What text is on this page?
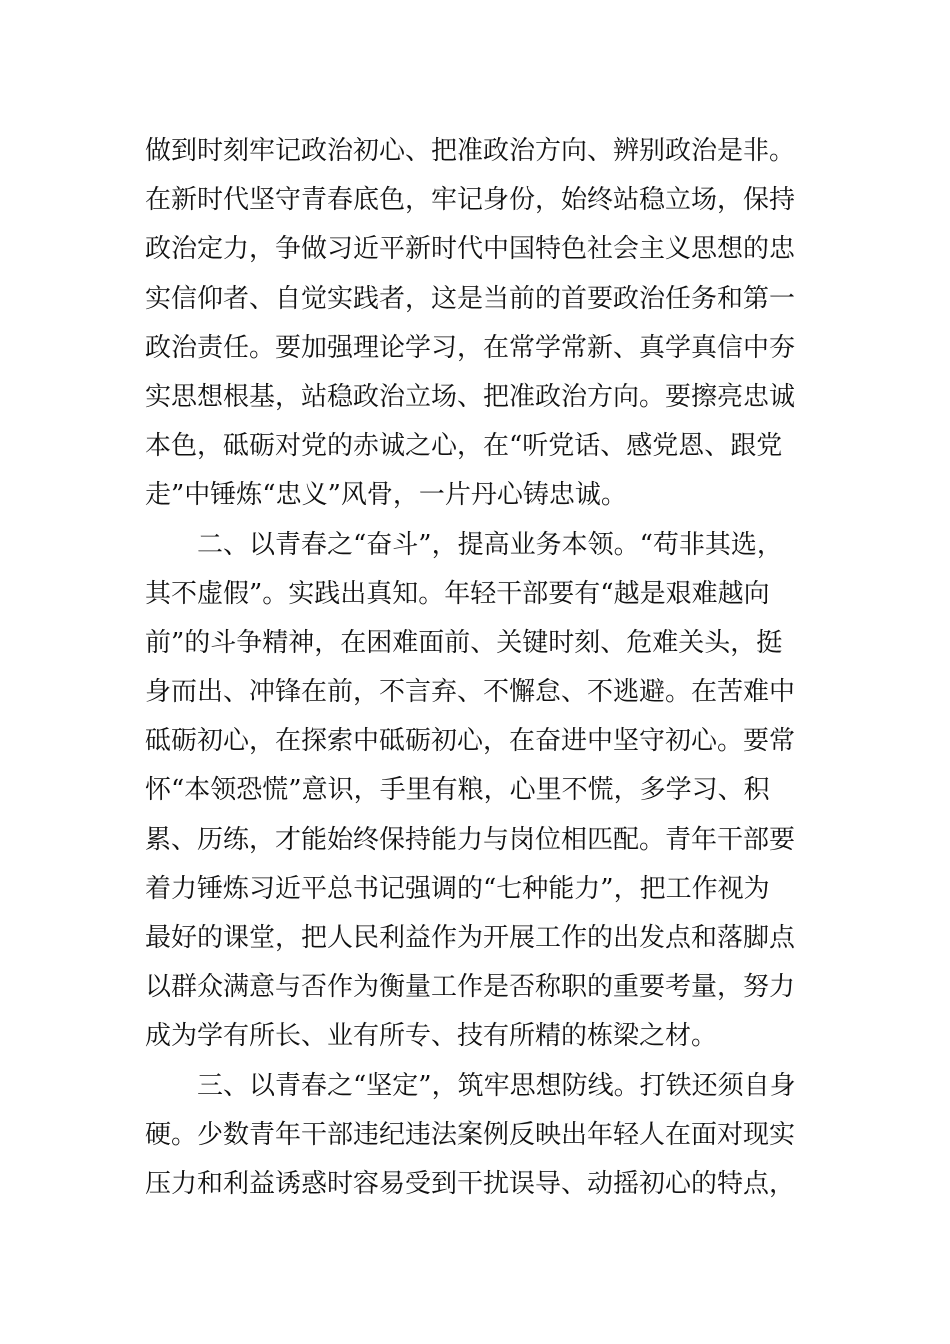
做到时刻牢记政治初心、把准政治方向、辨别政治是非。
在新时代坚守青春底色，牢记身份，始终站稳立场，保持
政治定力，争做习近平新时代中国特色社会主义思想的忠
实信仰者、自觉实践者，这是当前的首要政治任务和第一
政治责任。要加强理论学习，在常学常新、真学真信中夯
实思想根基，站稳政治立场、把准政治方向。要擦亮忠诚
本色，砥砺对党的赤诚之心，在“听党话、感党恩、跟党
走”中锤炼“忠义”风骨，一片丹心铸忠诚。
　　二、以青春之“奋斗”，提高业务本领。“苟非其选，
其不虚假”。实践出真知。年轻干部要有“越是艰难越向
前”的斗争精神，在困难面前、关键时刻、危难关头，挺
身而出、冲锋在前，不言弃、不懈怠、不逃避。在苦难中
砥砺初心，在探索中砥砺初心，在奋进中坚守初心。要常
怀“本领恐慌”意识，手里有粮，心里不慌，多学习、积
累、历练，才能始终保持能力与岗位相匹配。青年干部要
着力锤炼习近平总书记强调的“七种能力”，把工作视为
最好的课堂，把人民利益作为开展工作的出发点和落脚点
以群众满意与否作为衡量工作是否称职的重要考量，努力
成为学有所长、业有所专、技有所精的栋梁之材。
　　三、以青春之“坚定”，筑牢思想防线。打铁还须自身
硬。少数青年干部违纪违法案例反映出年轻人在面对现实
压力和利益诱惑时容易受到干扰误导、动摇初心的特点，
